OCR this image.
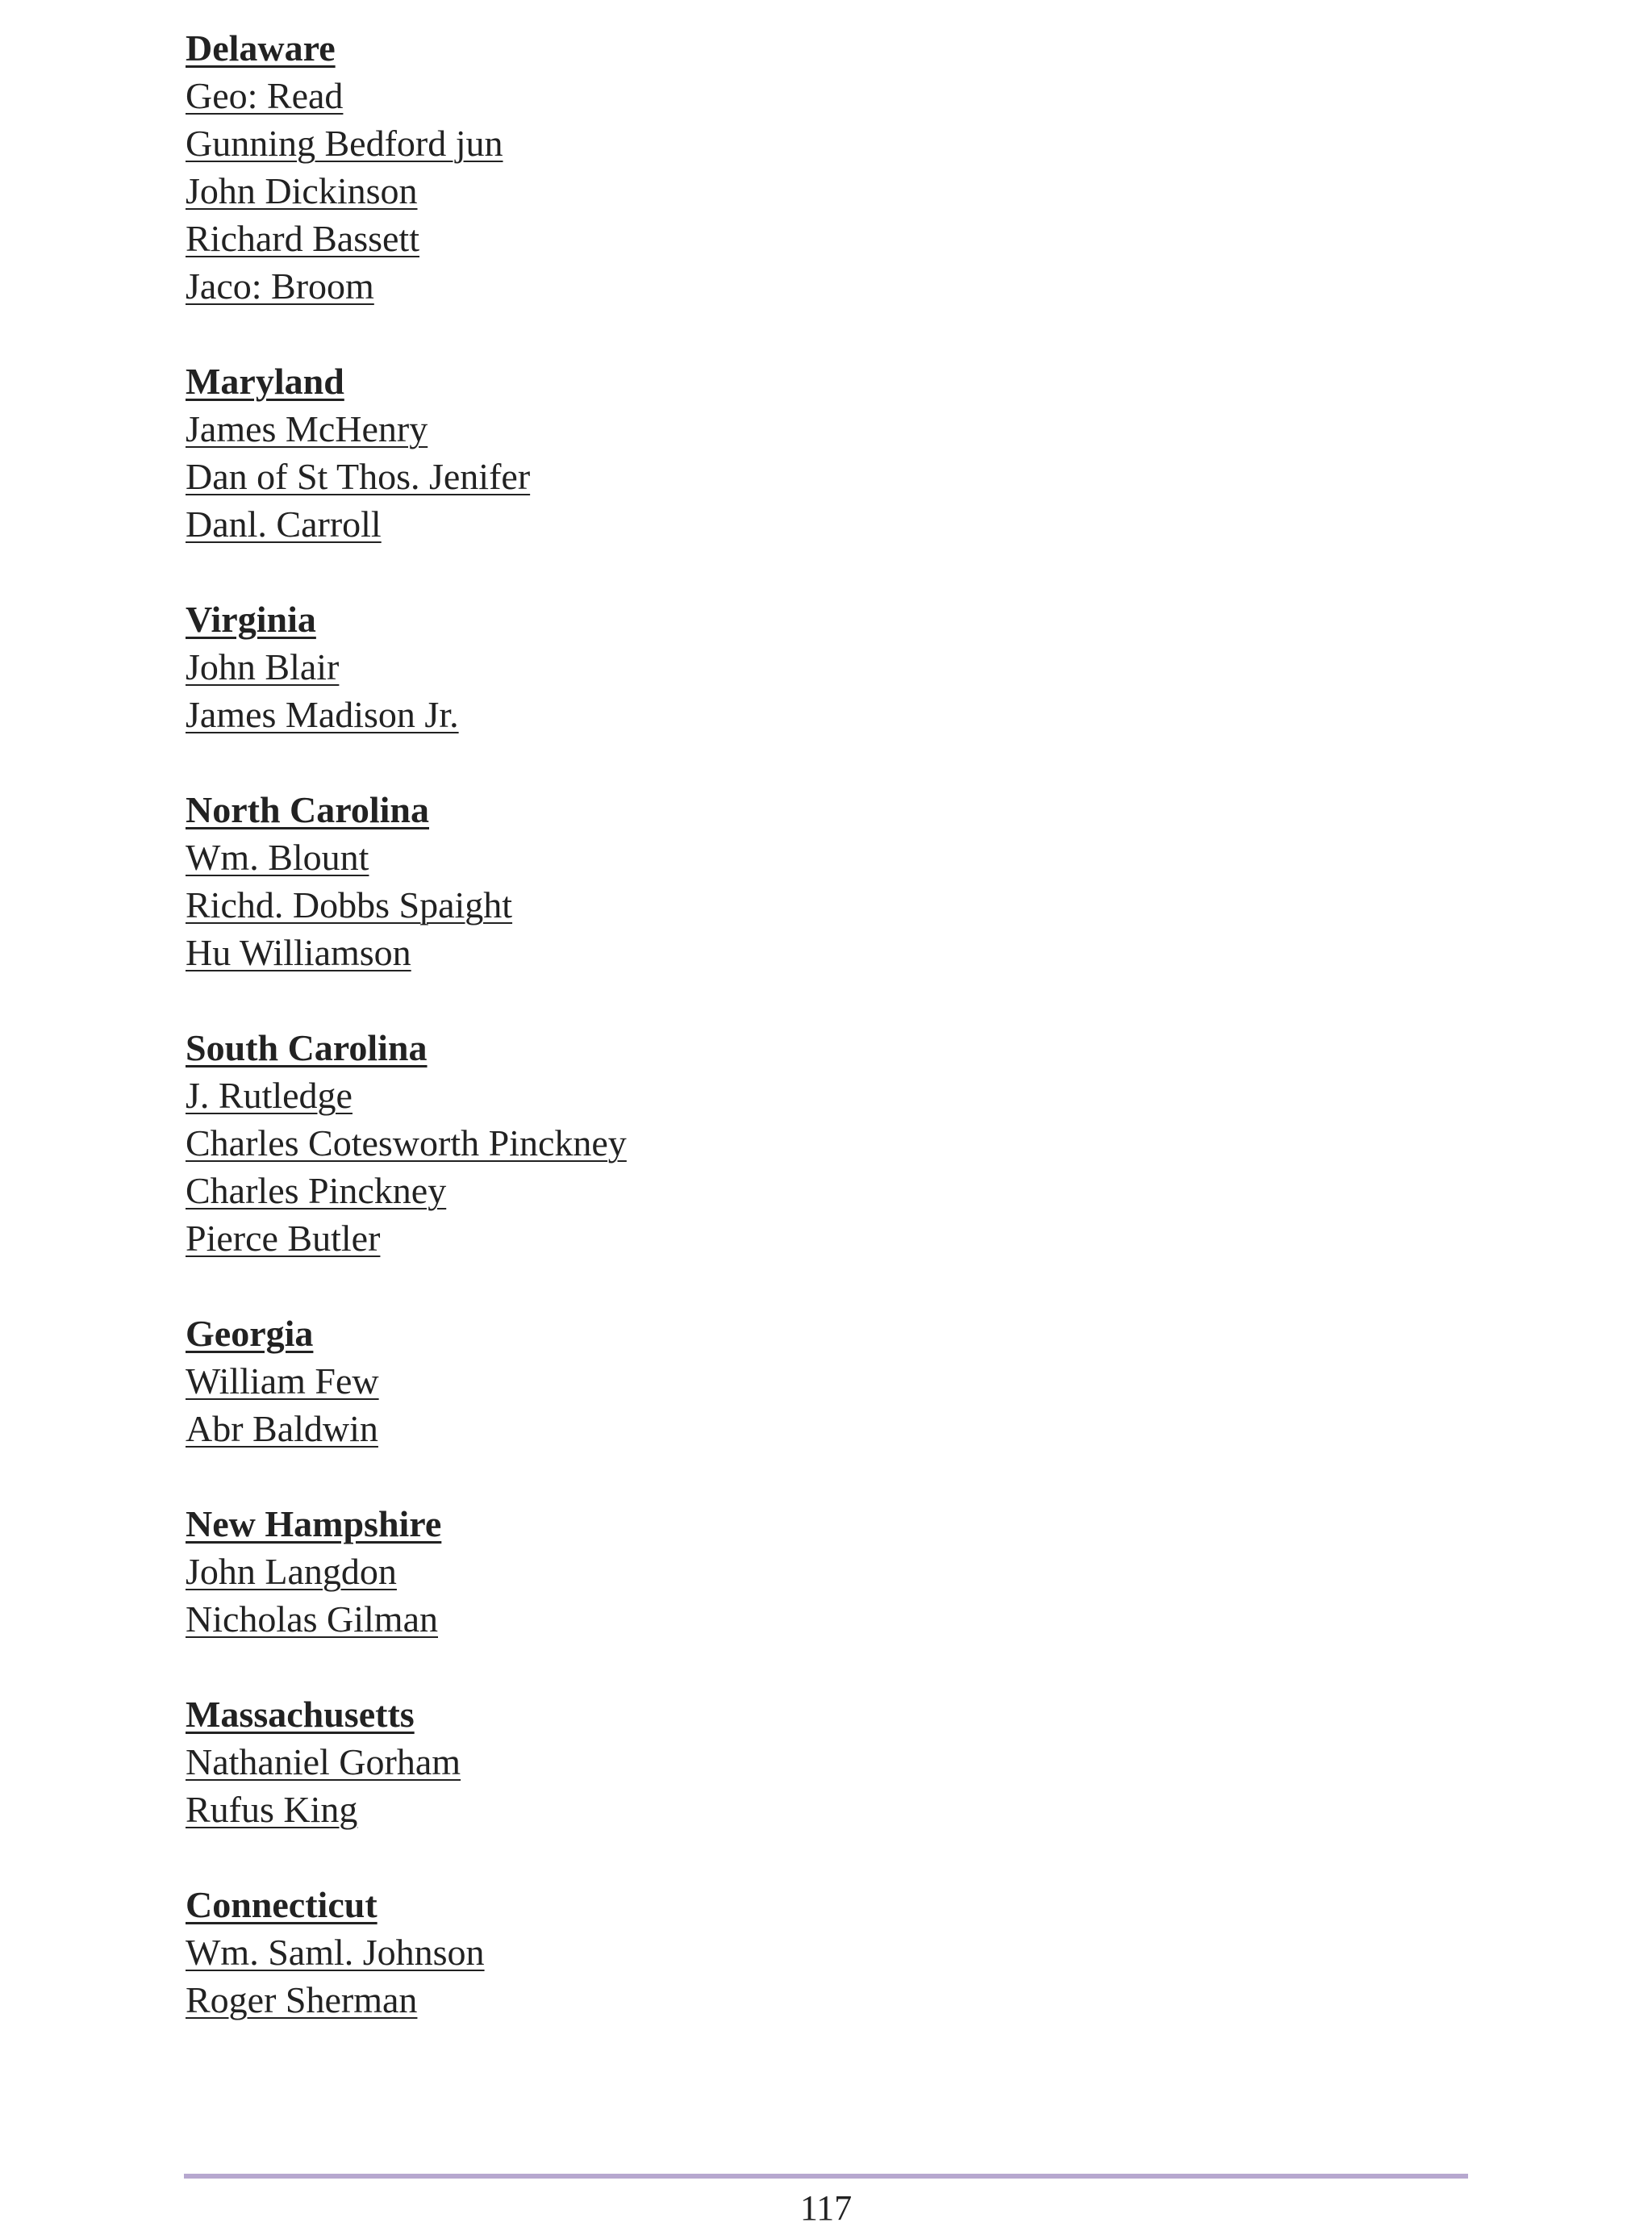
Delaware
Geo: Read
Gunning Bedford jun
John Dickinson
Richard Bassett
Jaco: Broom
Maryland
James McHenry
Dan of St Thos. Jenifer
Danl. Carroll
Virginia
John Blair
James Madison Jr.
North Carolina
Wm. Blount
Richd. Dobbs Spaight
Hu Williamson
South Carolina
J. Rutledge
Charles Cotesworth Pinckney
Charles Pinckney
Pierce Butler
Georgia
William Few
Abr Baldwin
New Hampshire
John Langdon
Nicholas Gilman
Massachusetts
Nathaniel Gorham
Rufus King
Connecticut
Wm. Saml. Johnson
Roger Sherman
117
